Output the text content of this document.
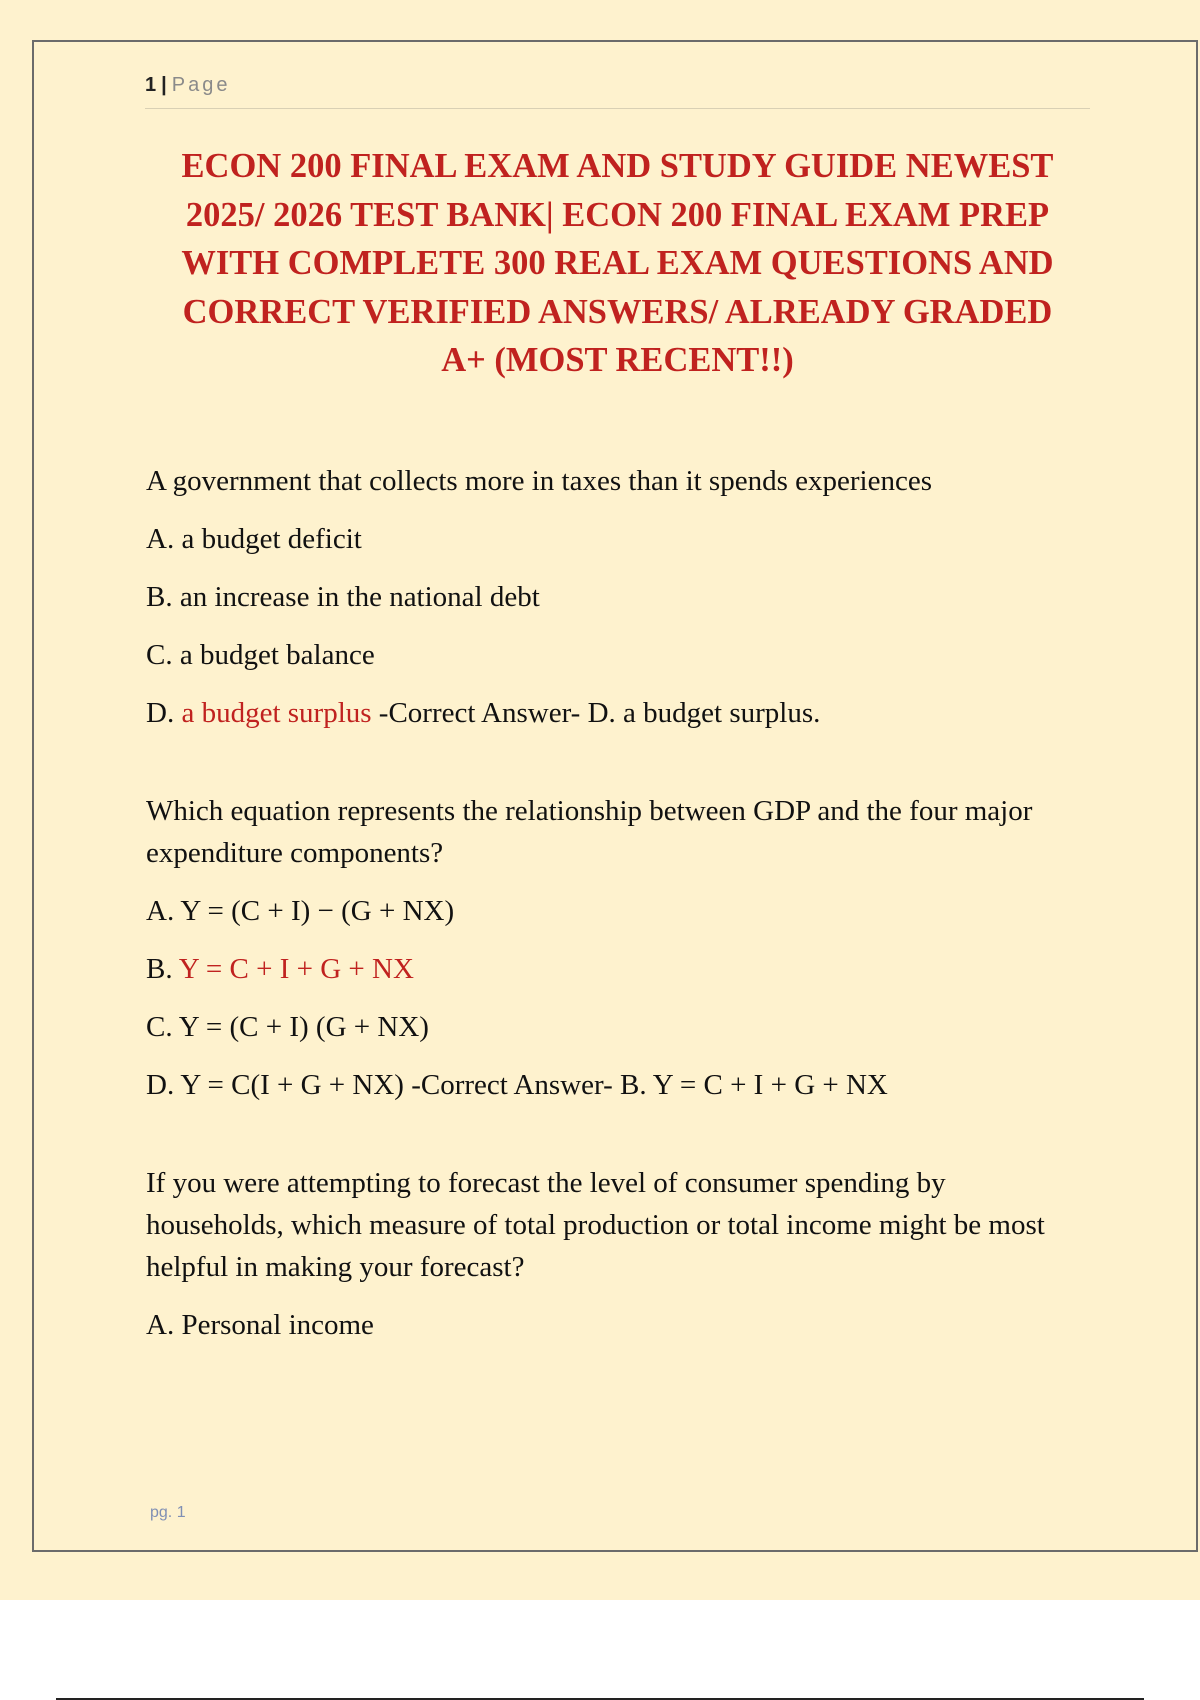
1 | Page
ECON 200 FINAL EXAM AND STUDY GUIDE NEWEST
2025/ 2026 TEST BANK| ECON 200 FINAL EXAM PREP
WITH COMPLETE 300 REAL EXAM QUESTIONS AND
CORRECT VERIFIED ANSWERS/ ALREADY GRADED
A+ (MOST RECENT!!)

A government that collects more in taxes than it spends experiences

A. a budget deficit

B. an increase in the national debt

C. a budget balance

D. a budget surplus -Correct Answer- D. a budget surplus.

Which equation represents the relationship between GDP and the four major expenditure components?

A. Y = (C + I) − (G + NX)

B. Y = C + I + G + NX

C. Y = (C + I) (G + NX)

D. Y = C(I + G + NX) -Correct Answer- B. Y = C + I + G + NX

If you were attempting to forecast the level of consumer spending by households, which measure of total production or total income might be most helpful in making your forecast?

A. Personal income

pg. 1
